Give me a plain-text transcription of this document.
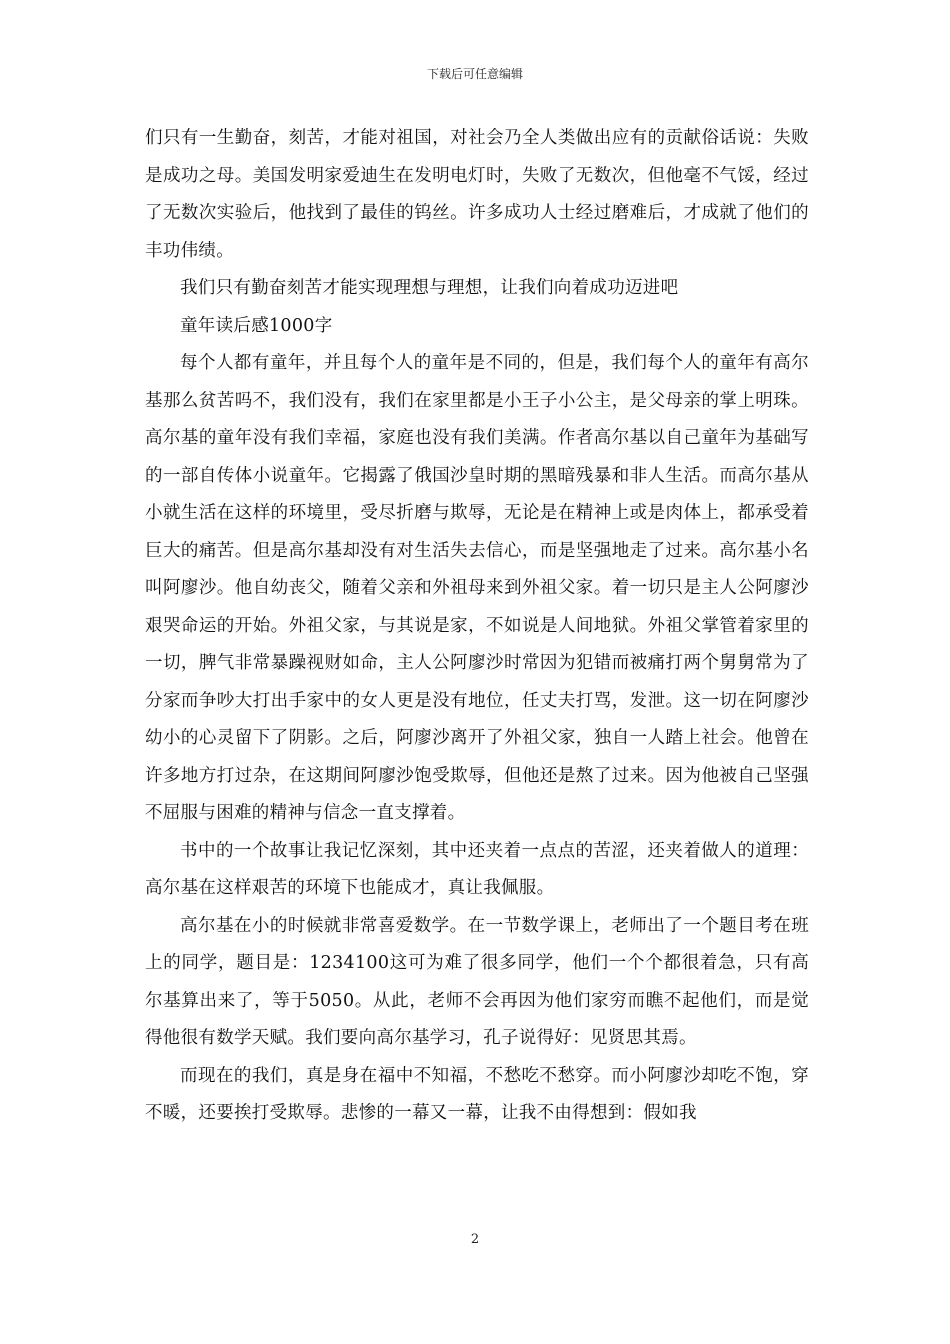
下载后可任意编辑

们只有一生勤奋，刻苦，才能对祖国，对社会乃全人类做出应有的贡献俗话说：失败是成功之母。美国发明家爱迪生在发明电灯时，失败了无数次，但他毫不气馁，经过了无数次实验后，他找到了最佳的钨丝。许多成功人士经过磨难后，才成就了他们的丰功伟绩。

我们只有勤奋刻苦才能实现理想与理想，让我们向着成功迈进吧

童年读后感1000字

每个人都有童年，并且每个人的童年是不同的，但是，我们每个人的童年有高尔基那么贫苦吗不，我们没有，我们在家里都是小王子小公主，是父母亲的掌上明珠。高尔基的童年没有我们幸福，家庭也没有我们美满。作者高尔基以自己童年为基础写的一部自传体小说童年。它揭露了俄国沙皇时期的黑暗残暴和非人生活。而高尔基从小就生活在这样的环境里，受尽折磨与欺辱，无论是在精神上或是肉体上，都承受着巨大的痛苦。但是高尔基却没有对生活失去信心，而是坚强地走了过来。高尔基小名叫阿廖沙。他自幼丧父，随着父亲和外祖母来到外祖父家。着一切只是主人公阿廖沙艰哭命运的开始。外祖父家，与其说是家，不如说是人间地狱。外祖父掌管着家里的一切，脾气非常暴躁视财如命，主人公阿廖沙时常因为犯错而被痛打两个舅舅常为了分家而争吵大打出手家中的女人更是没有地位，任丈夫打骂，发泄。这一切在阿廖沙幼小的心灵留下了阴影。之后，阿廖沙离开了外祖父家，独自一人踏上社会。他曾在许多地方打过杂，在这期间阿廖沙饱受欺辱，但他还是熬了过来。因为他被自己坚强不屈服与困难的精神与信念一直支撑着。

书中的一个故事让我记忆深刻，其中还夹着一点点的苦涩，还夹着做人的道理：高尔基在这样艰苦的环境下也能成才，真让我佩服。

高尔基在小的时候就非常喜爱数学。在一节数学课上，老师出了一个题目考在班上的同学，题目是：1234100这可为难了很多同学，他们一个个都很着急，只有高尔基算出来了，等于5050。从此，老师不会再因为他们家穷而瞧不起他们，而是觉得他很有数学天赋。我们要向高尔基学习，孔子说得好：见贤思其焉。

而现在的我们，真是身在福中不知福，不愁吃不愁穿。而小阿廖沙却吃不饱，穿不暖，还要挨打受欺辱。悲惨的一幕又一幕，让我不由得想到：假如我

2
